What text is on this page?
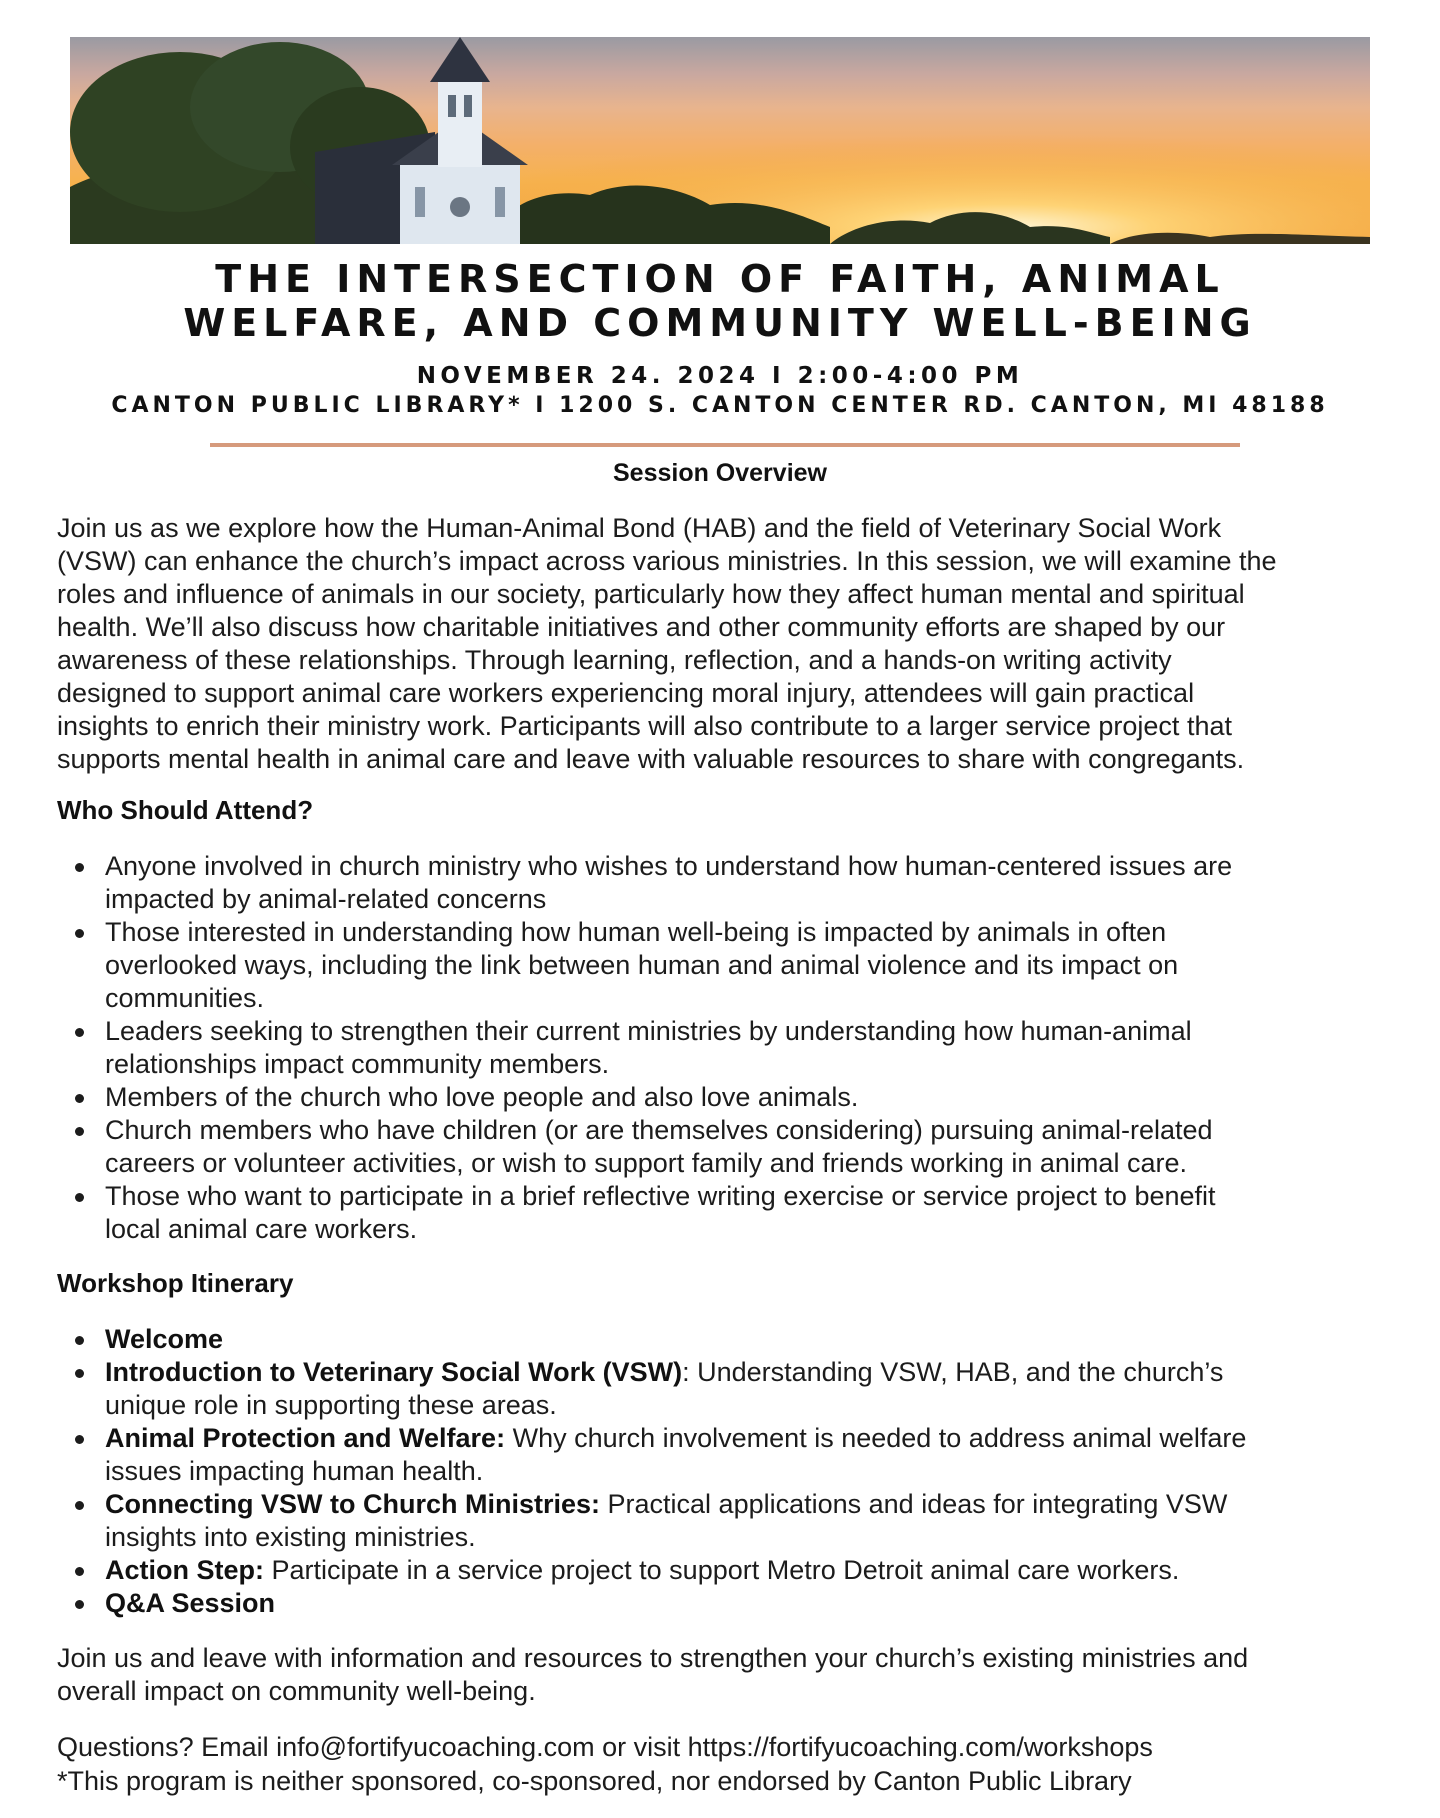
THE INTERSECTION OF FAITH, ANIMAL
WELFARE, AND COMMUNITY WELL-BEING

NOVEMBER 24. 2024 I 2:00-4:00 PM

CANTON PUBLIC LIBRARY* I 1200 S. CANTON CENTER RD. CANTON, MI 48188

Session Overview

Join us as we explore how the Human-Animal Bond (HAB) and the field of Veterinary Social Work
(VSW) can enhance the church’s impact across various ministries. In this session, we will examine the
roles and influence of animals in our society, particularly how they affect human mental and spiritual
health. We’ll also discuss how charitable initiatives and other community efforts are shaped by our
awareness of these relationships. Through learning, reflection, and a hands-on writing activity
designed to support animal care workers experiencing moral injury, attendees will gain practical
insights to enrich their ministry work. Participants will also contribute to a larger service project that
supports mental health in animal care and leave with valuable resources to share with congregants.

Who Should Attend?
Anyone involved in church ministry who wishes to understand how human-centered issues are
impacted by animal-related concerns
Those interested in understanding how human well-being is impacted by animals in often
overlooked ways, including the link between human and animal violence and its impact on
communities.
Leaders seeking to strengthen their current ministries by understanding how human-animal
relationships impact community members.
Members of the church who love people and also love animals.
Church members who have children (or are themselves considering) pursuing animal-related
careers or volunteer activities, or wish to support family and friends working in animal care.
Those who want to participate in a brief reflective writing exercise or service project to benefit
local animal care workers.
Workshop Itinerary
Welcome
Introduction to Veterinary Social Work (VSW): Understanding VSW, HAB, and the church’s
unique role in supporting these areas.
Animal Protection and Welfare: Why church involvement is needed to address animal welfare
issues impacting human health.
Connecting VSW to Church Ministries: Practical applications and ideas for integrating VSW
insights into existing ministries.
Action Step: Participate in a service project to support Metro Detroit animal care workers.
Q&A Session

Join us and leave with information and resources to strengthen your church’s existing ministries and
overall impact on community well-being.

Questions? Email info@fortifyucoaching.com or visit https://fortifyucoaching.com/workshops

*This program is neither sponsored, co-sponsored, nor endorsed by Canton Public Library
